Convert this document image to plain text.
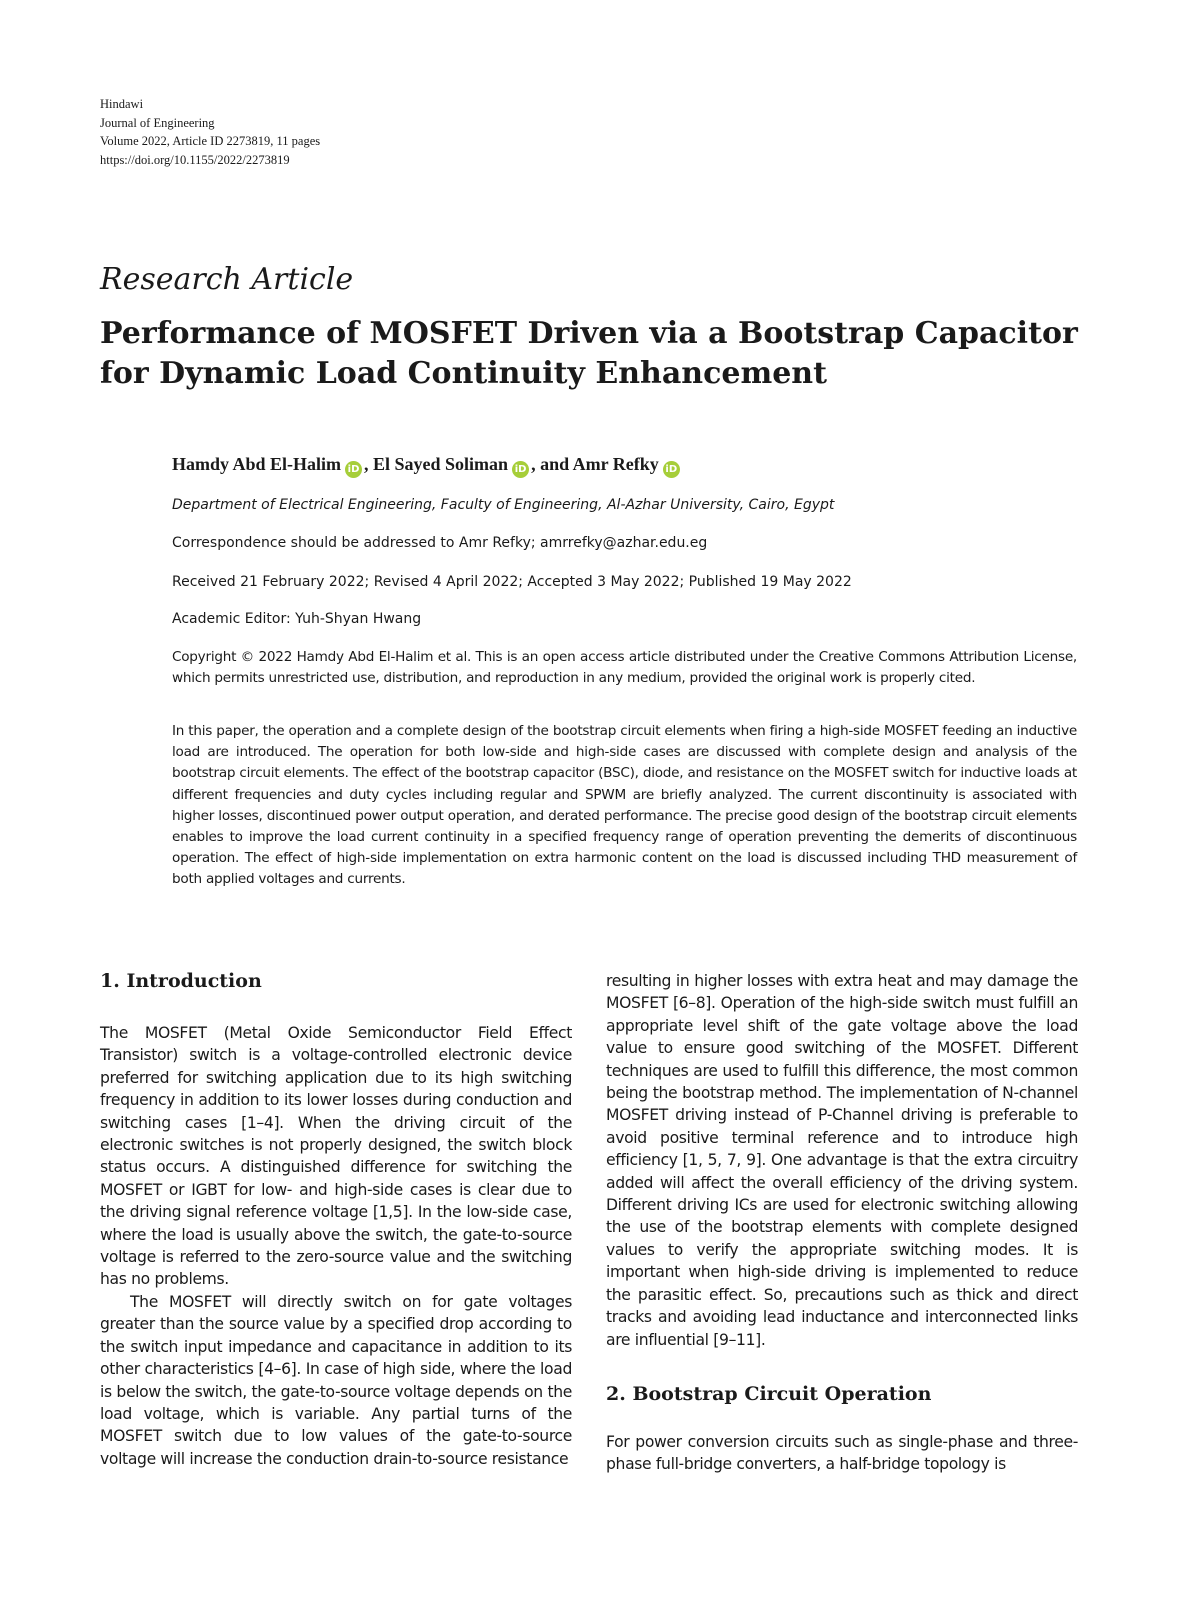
Hindawi
Journal of Engineering
Volume 2022, Article ID 2273819, 11 pages
https://doi.org/10.1155/2022/2273819
Research Article
Performance of MOSFET Driven via a Bootstrap Capacitor for Dynamic Load Continuity Enhancement
Hamdy Abd El-Halim iD , El Sayed Soliman iD , and Amr Refky iD
Department of Electrical Engineering, Faculty of Engineering, Al-Azhar University, Cairo, Egypt
Correspondence should be addressed to Amr Refky; amrrefky@azhar.edu.eg
Received 21 February 2022; Revised 4 April 2022; Accepted 3 May 2022; Published 19 May 2022
Academic Editor: Yuh-Shyan Hwang

Copyright © 2022 Hamdy Abd El-Halim et al. This is an open access article distributed under the Creative Commons Attribution License, which permits unrestricted use, distribution, and reproduction in any medium, provided the original work is properly cited.

In this paper, the operation and a complete design of the bootstrap circuit elements when firing a high-side MOSFET feeding an inductive load are introduced. The operation for both low-side and high-side cases are discussed with complete design and analysis of the bootstrap circuit elements. The effect of the bootstrap capacitor (BSC), diode, and resistance on the MOSFET switch for inductive loads at different frequencies and duty cycles including regular and SPWM are briefly analyzed. The current discontinuity is associated with higher losses, discontinued power output operation, and derated performance. The precise good design of the bootstrap circuit elements enables to improve the load current continuity in a specified frequency range of operation preventing the demerits of discontinuous operation. The effect of high-side implementation on extra harmonic content on the load is discussed including THD measurement of both applied voltages and currents.

1. Introduction

The MOSFET (Metal Oxide Semiconductor Field Effect Transistor) switch is a voltage-controlled electronic device preferred for switching application due to its high switching frequency in addition to its lower losses during conduction and switching cases [1–4]. When the driving circuit of the electronic switches is not properly designed, the switch block status occurs. A distinguished difference for switching the MOSFET or IGBT for low- and high-side cases is clear due to the driving signal reference voltage [1,5]. In the low-side case, where the load is usually above the switch, the gate-to-source voltage is referred to the zero-source value and the switching has no problems.

The MOSFET will directly switch on for gate voltages greater than the source value by a specified drop according to the switch input impedance and capacitance in addition to its other characteristics [4–6]. In case of high side, where the load is below the switch, the gate-to-source voltage depends on the load voltage, which is variable. Any partial turns of the MOSFET switch due to low values of the gate-to-source voltage will increase the conduction drain-to-source resistance

resulting in higher losses with extra heat and may damage the MOSFET [6–8]. Operation of the high-side switch must fulfill an appropriate level shift of the gate voltage above the load value to ensure good switching of the MOSFET. Different techniques are used to fulfill this difference, the most common being the bootstrap method. The implementation of N-channel MOSFET driving instead of P-Channel driving is preferable to avoid positive terminal reference and to introduce high efficiency [1, 5, 7, 9]. One advantage is that the extra circuitry added will affect the overall efficiency of the driving system. Different driving ICs are used for electronic switching allowing the use of the bootstrap elements with complete designed values to verify the appropriate switching modes. It is important when high-side driving is implemented to reduce the parasitic effect. So, precautions such as thick and direct tracks and avoiding lead inductance and interconnected links are influential [9–11].

2. Bootstrap Circuit Operation

For power conversion circuits such as single-phase and three-phase full-bridge converters, a half-bridge topology is
